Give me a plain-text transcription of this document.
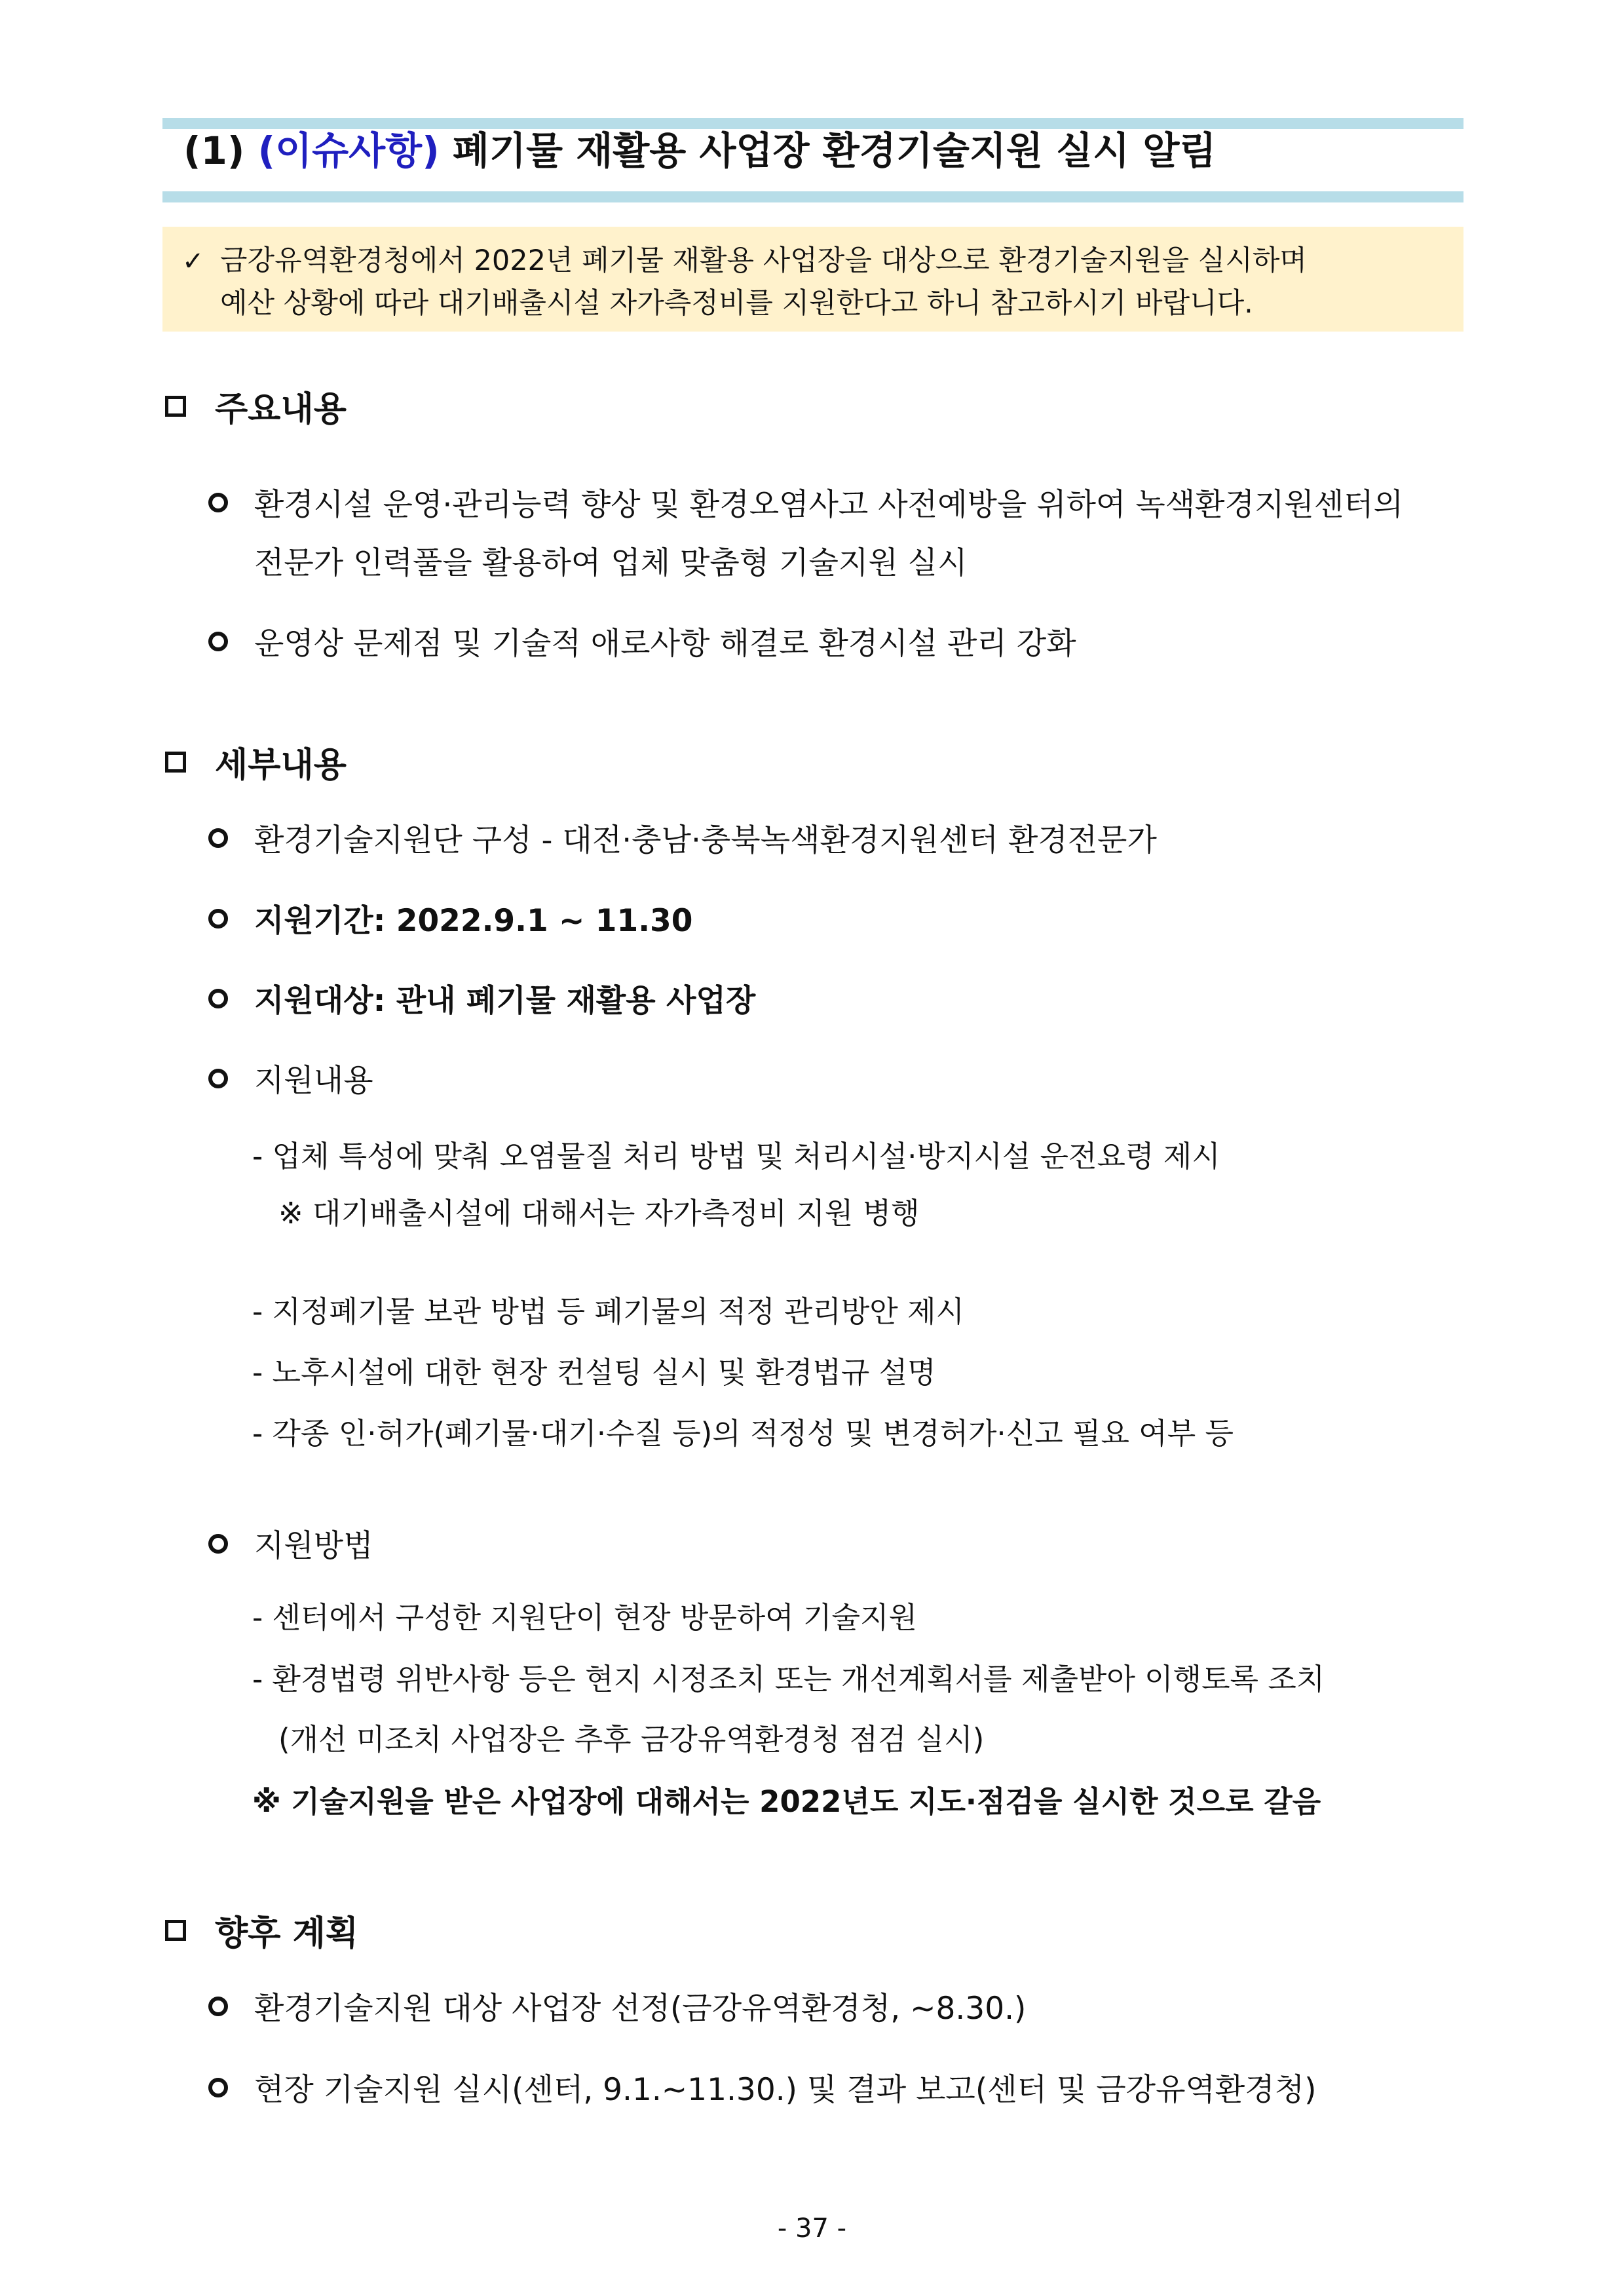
(1) (이슈사항) 폐기물 재활용 사업장 환경기술지원 실시 알림
✓ 금강유역환경청에서 2022년 폐기물 재활용 사업장을 대상으로 환경기술지원을 실시하며
예산 상황에 따라 대기배출시설 자가측정비를 지원한다고 하니 참고하시기 바랍니다.
주요내용
환경시설 운영·관리능력 향상 및 환경오염사고 사전예방을 위하여 녹색환경지원센터의
전문가 인력풀을 활용하여 업체 맞춤형 기술지원 실시
운영상 문제점 및 기술적 애로사항 해결로 환경시설 관리 강화
세부내용
환경기술지원단 구성 - 대전·충남·충북녹색환경지원센터 환경전문가
지원기간: 2022.9.1 ~ 11.30
지원대상: 관내 폐기물 재활용 사업장
지원내용
- 업체 특성에 맞춰 오염물질 처리 방법 및 처리시설·방지시설 운전요령 제시
※ 대기배출시설에 대해서는 자가측정비 지원 병행
- 지정폐기물 보관 방법 등 폐기물의 적정 관리방안 제시
- 노후시설에 대한 현장 컨설팅 실시 및 환경법규 설명
- 각종 인·허가(폐기물·대기·수질 등)의 적정성 및 변경허가·신고 필요 여부 등
지원방법
- 센터에서 구성한 지원단이 현장 방문하여 기술지원
- 환경법령 위반사항 등은 현지 시정조치 또는 개선계획서를 제출받아 이행토록 조치
(개선 미조치 사업장은 추후 금강유역환경청 점검 실시)
※ 기술지원을 받은 사업장에 대해서는 2022년도 지도·점검을 실시한 것으로 갈음
향후 계획
환경기술지원 대상 사업장 선정(금강유역환경청, ~8.30.)
현장 기술지원 실시(센터, 9.1.~11.30.) 및 결과 보고(센터 및 금강유역환경청)
- 37 -
